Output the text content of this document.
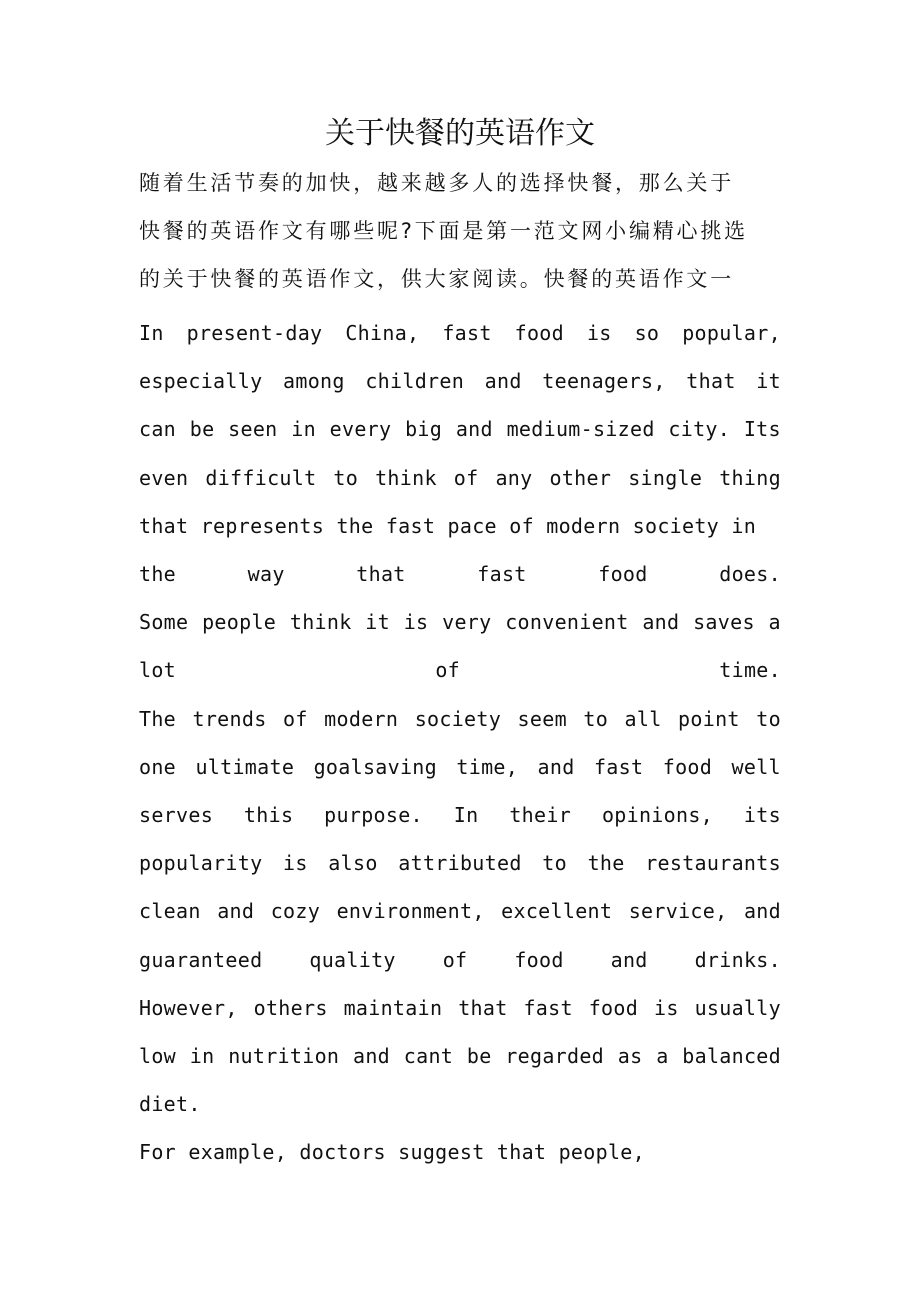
关于快餐的英语作文
随着生活节奏的加快，越来越多人的选择快餐，那么关于
快餐的英语作文有哪些呢?下面是第一范文网小编精心挑选
的关于快餐的英语作文，供大家阅读。快餐的英语作文一
In present-day China, fast food is so popular,
especially among children and teenagers, that it
can be seen in every big and medium-sized city. Its
even difficult to think of any other single thing
that represents the fast pace of modern society in
the	way	that	fast	food	does.
Some people think it is very convenient and saves a
lot	of	time.
The trends of modern society seem to all point to
one ultimate goalsaving time, and fast food well
serves this purpose. In their opinions, its
popularity is also attributed to the restaurants
clean and cozy environment, excellent service, and
guaranteed quality of food and drinks.
However, others maintain that fast food is usually
low in nutrition and cant be regarded as a balanced
diet.
For example, doctors suggest that people,
